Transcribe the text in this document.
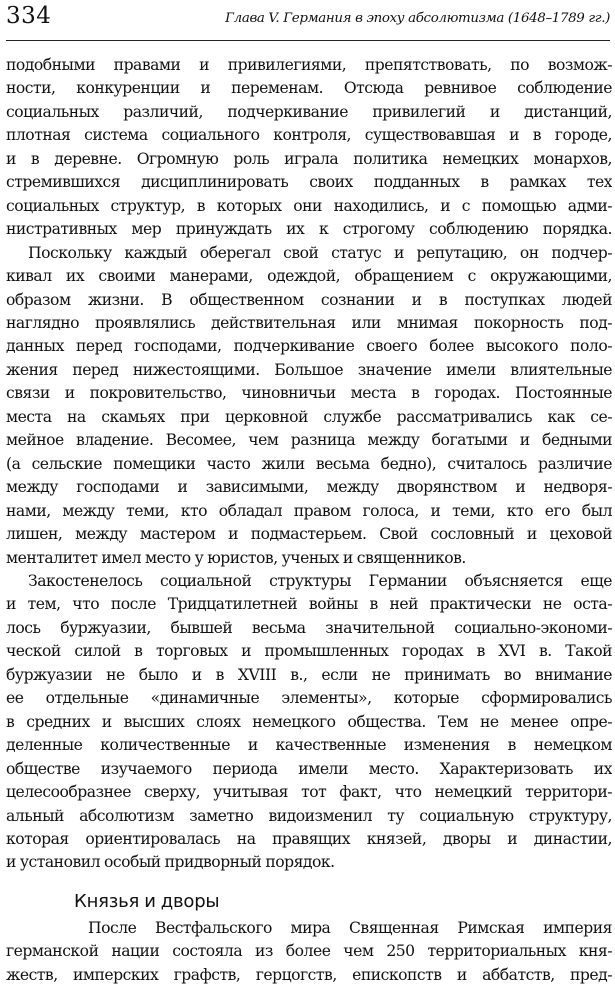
334	Глава V. Германия в эпоху абсолютизма (1648–1789 гг.)

подобными правами и привилегиями, препятствовать, по возмож-
ности, конкуренции и переменам. Отсюда ревнивое соблюдение
социальных различий, подчеркивание привилегий и дистанций,
плотная система социального контроля, существовавшая и в городе,
и в деревне. Огромную роль играла политика немецких монархов,
стремившихся дисциплинировать своих подданных в рамках тех
социальных структур, в которых они находились, и с помощью адми-
нистративных мер принуждать их к строгому соблюдению порядка.

Поскольку каждый оберегал свой статус и репутацию, он подчер-
кивал их своими манерами, одеждой, обращением с окружающими,
образом жизни. В общественном сознании и в поступках людей
наглядно проявлялись действительная или мнимая покорность под-
данных перед господами, подчеркивание своего более высокого поло-
жения перед нижестоящими. Большое значение имели влиятельные
связи и покровительство, чиновничьи места в городах. Постоянные
места на скамьях при церковной службе рассматривались как се-
мейное владение. Весомее, чем разница между богатыми и бедными
(а сельские помещики часто жили весьма бедно), считалось различие
между господами и зависимыми, между дворянством и недворя-
нами, между теми, кто обладал правом голоса, и теми, кто его был
лишен, между мастером и подмастерьем. Свой сословный и цеховой
менталитет имел место у юристов, ученых и священников.

Закостенелось социальной структуры Германии объясняется еще
и тем, что после Тридцатилетней войны в ней практически не оста-
лось буржуазии, бывшей весьма значительной социально-экономи-
ческой силой в торговых и промышленных городах в XVI в. Такой
буржуазии не было и в XVIII в., если не принимать во внимание
ее отдельные «динамичные элементы», которые сформировались
в средних и высших слоях немецкого общества. Тем не менее опре-
деленные количественные и качественные изменения в немецком
обществе изучаемого периода имели место. Характеризовать их
целесообразнее сверху, учитывая тот факт, что немецкий территори-
альный абсолютизм заметно видоизменил ту социальную структуру,
которая ориентировалась на правящих князей, дворы и династии,
и установил особый придворный порядок.

Князья и дворы

После Вестфальского мира Священная Римская империя
германской нации состояла из более чем 250 территориальных кня-
жеств, имперских графств, герцогств, епископств и аббатств, пред-
